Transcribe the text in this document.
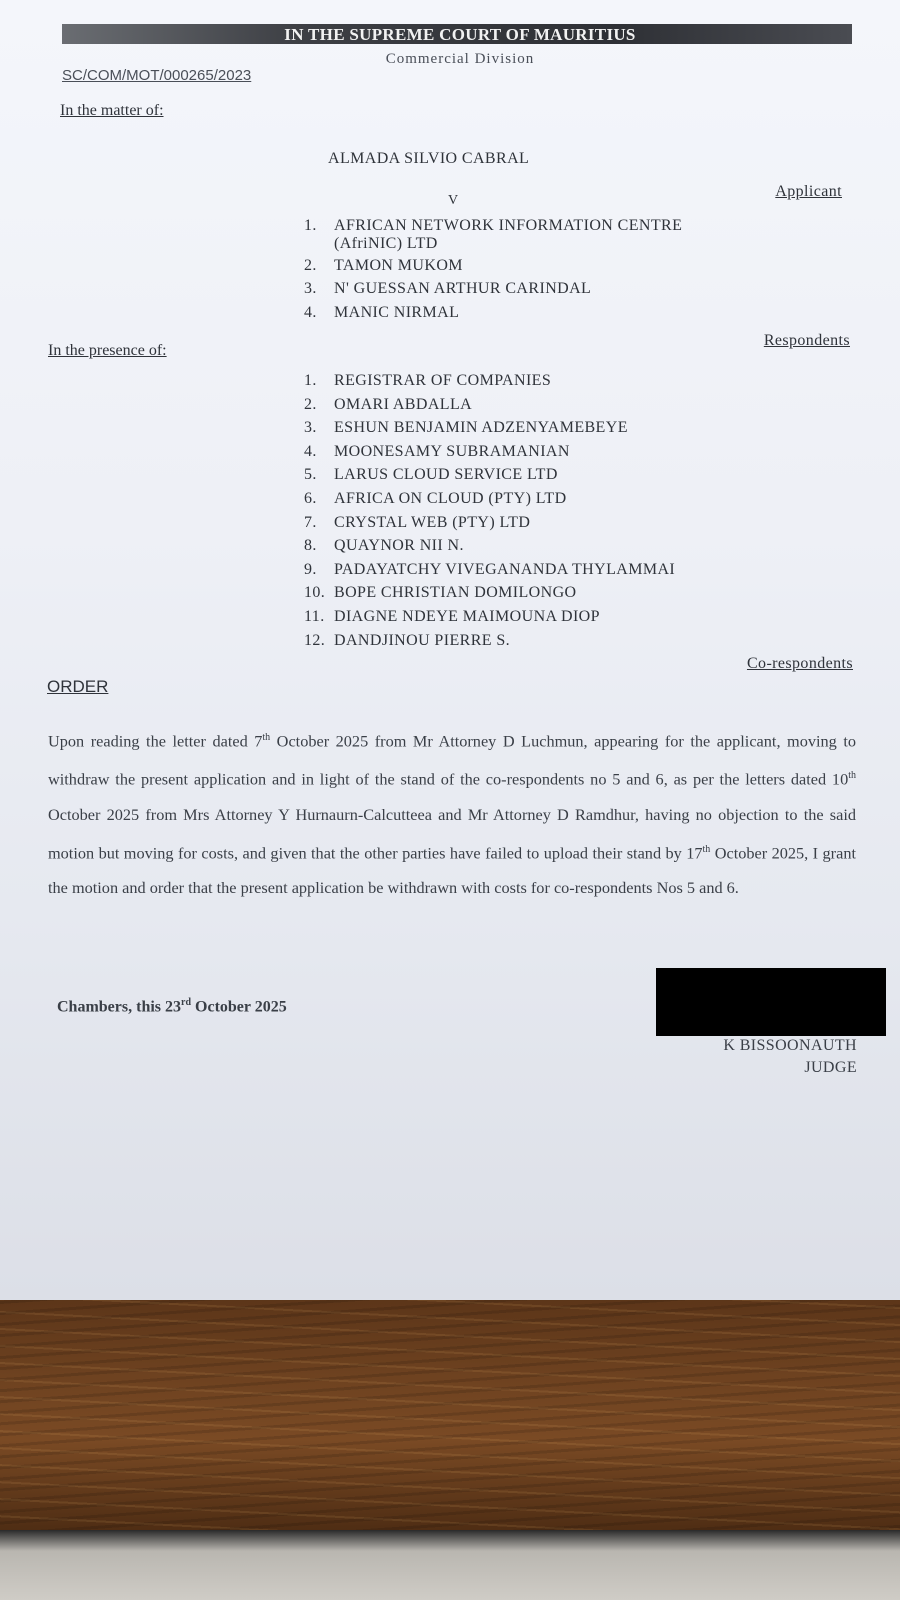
IN THE SUPREME COURT OF MAURITIUS
Commercial Division
SC/COM/MOT/000265/2023
In the matter of:
ALMADA SILVIO CABRAL
Applicant
V
1. AFRICAN NETWORK INFORMATION CENTRE
(AfriNIC) LTD
2. TAMON MUKOM
3. N' GUESSAN ARTHUR CARINDAL
4. MANIC NIRMAL
Respondents
In the presence of:
1. REGISTRAR OF COMPANIES
2. OMARI ABDALLA
3. ESHUN BENJAMIN ADZENYAMEBEYE
4. MOONESAMY SUBRAMANIAN
5. LARUS CLOUD SERVICE LTD
6. AFRICA ON CLOUD (PTY) LTD
7. CRYSTAL WEB (PTY) LTD
8. QUAYNOR NII N.
9. PADAYATCHY VIVEGANANDA THYLAMMAI
10. BOPE CHRISTIAN DOMILONGO
11. DIAGNE NDEYE MAIMOUNA DIOP
12. DANDJINOU PIERRE S.
Co-respondents
ORDER

Upon reading the letter dated 7th October 2025 from Mr Attorney D Luchmun, appearing for the applicant, moving to withdraw the present application and in light of the stand of the co-respondents no 5 and 6, as per the letters dated 10th October 2025 from Mrs Attorney Y Hurnaurn-Calcutteea and Mr Attorney D Ramdhur, having no objection to the said motion but moving for costs, and given that the other parties have failed to upload their stand by 17th October 2025, I grant the motion and order that the present application be withdrawn with costs for co-respondents Nos 5 and 6.

Chambers, this 23rd October 2025
K BISSOONAUTH
JUDGE
